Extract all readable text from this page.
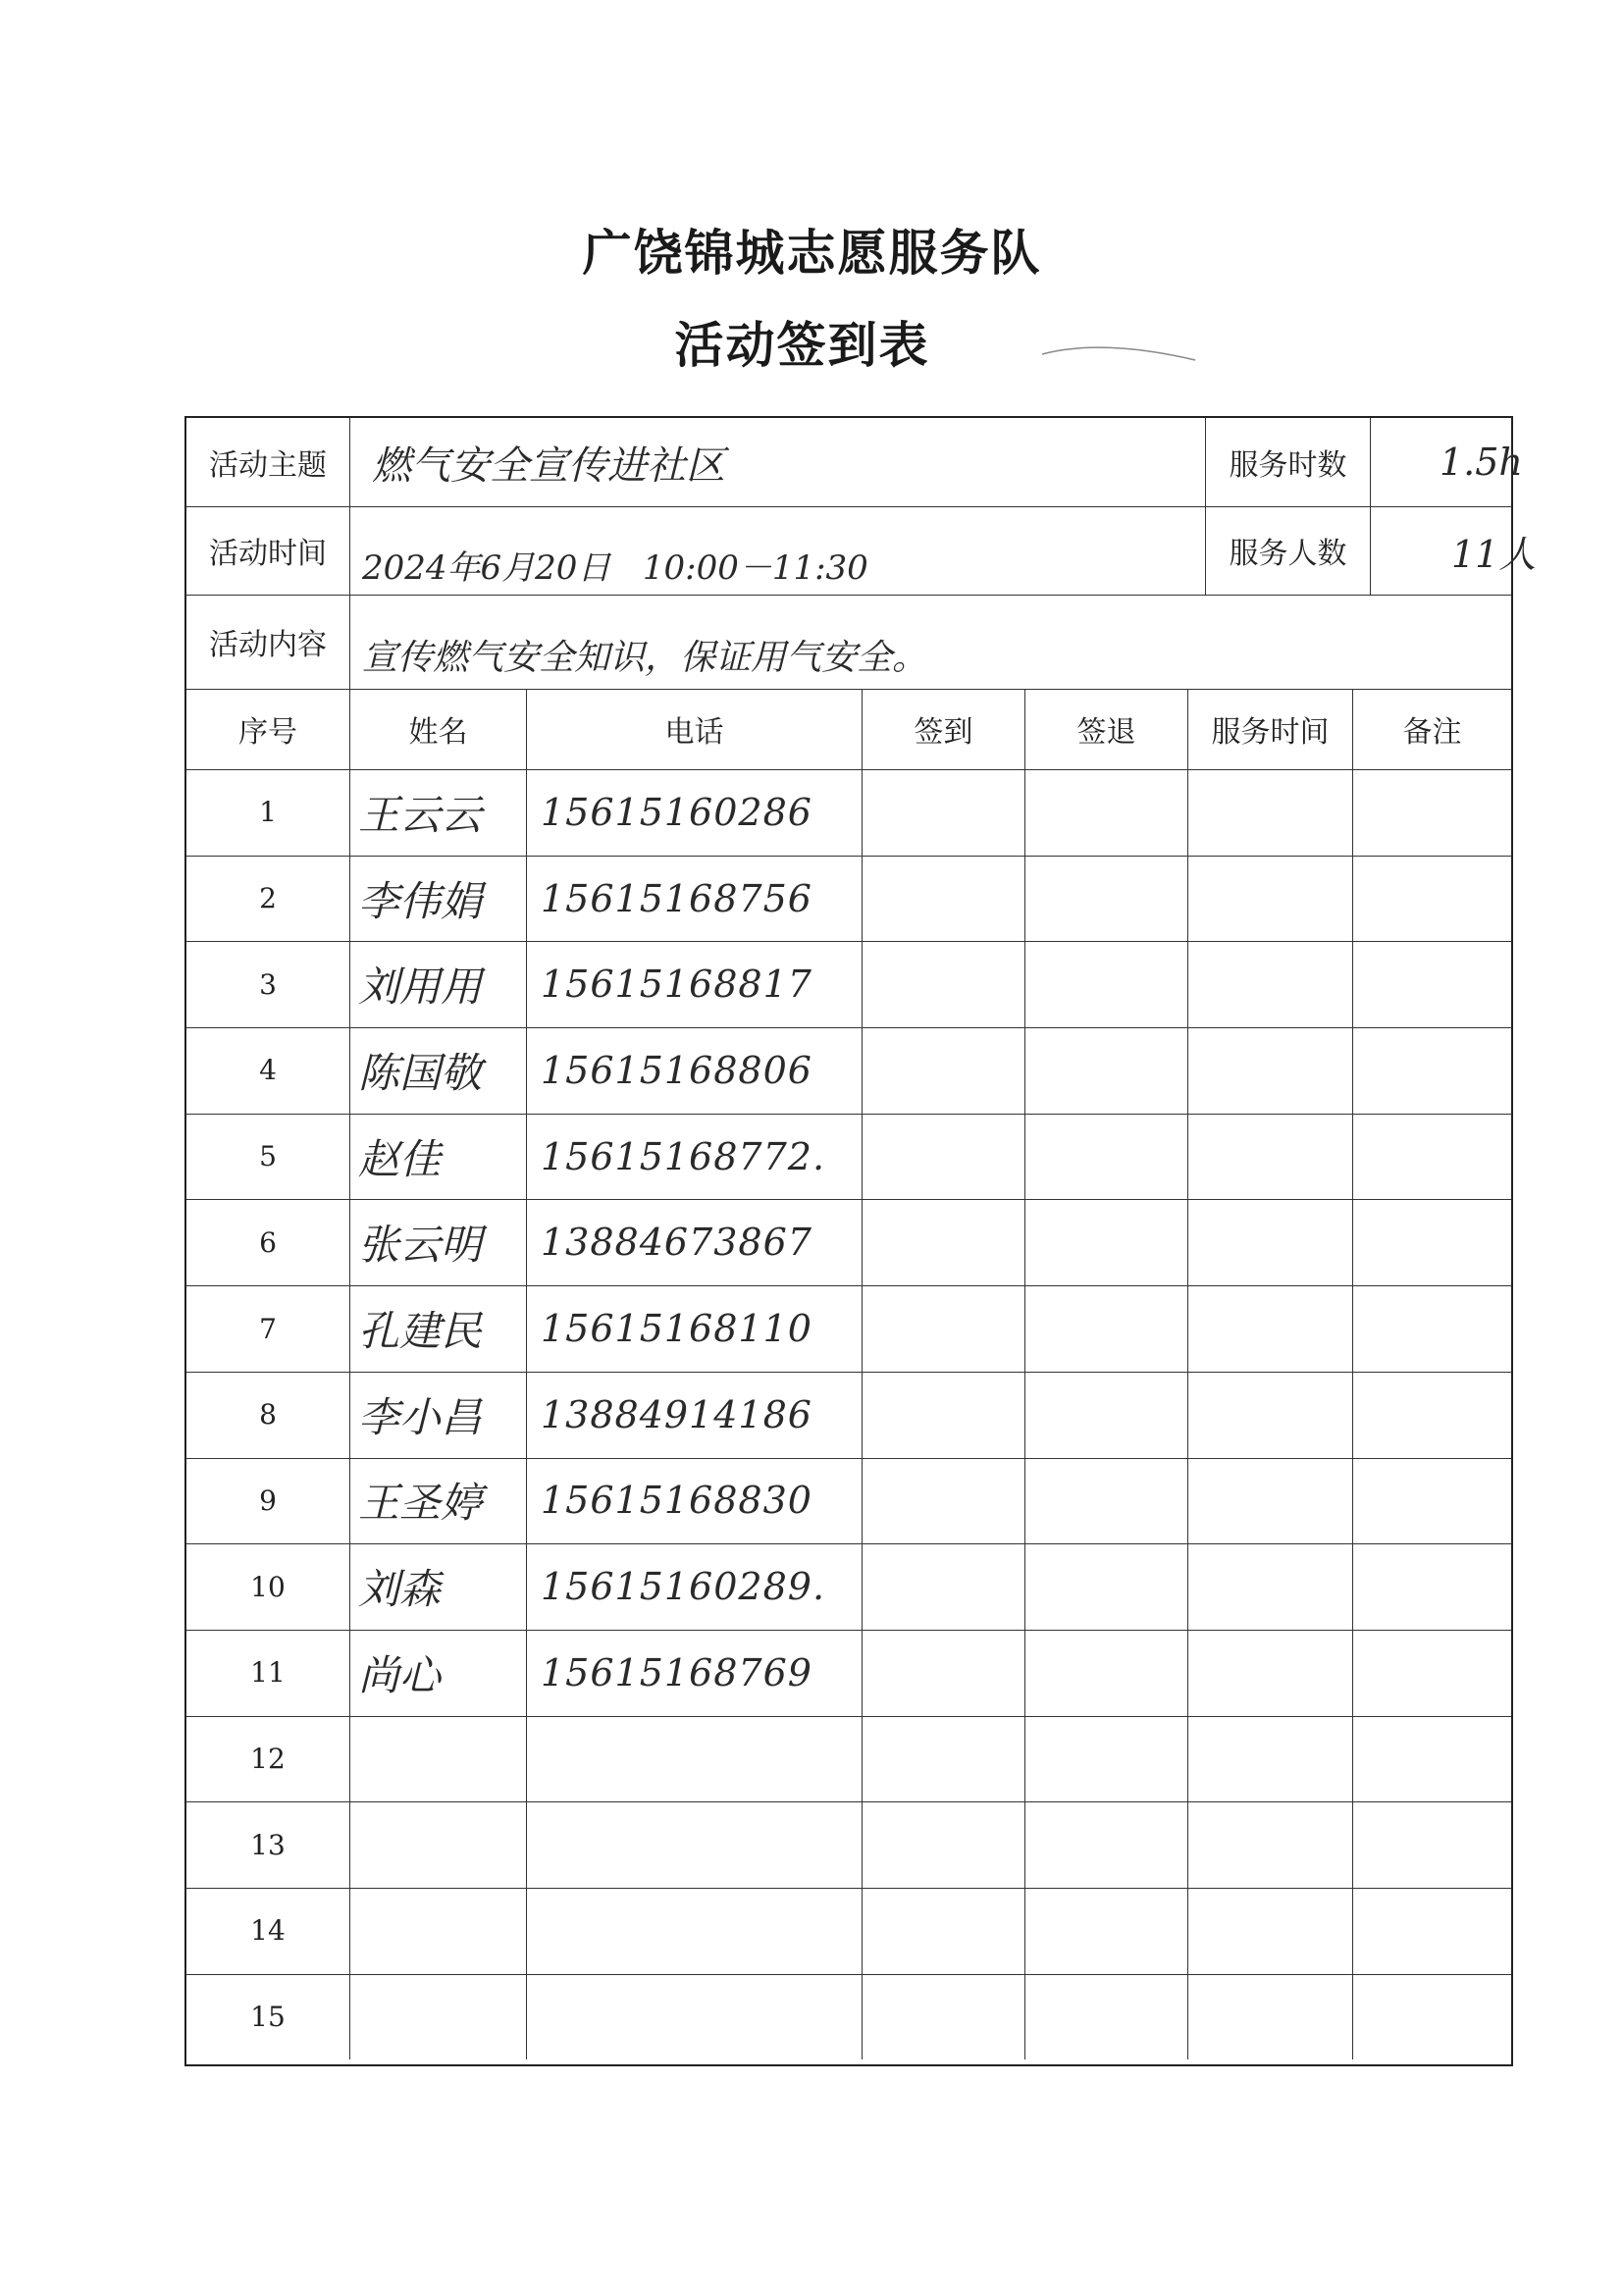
广饶锦城志愿服务队
活动签到表
活动主题	燃气安全宣传进社区	服务时数	1.5h
活动时间	2024年6月20日   10:00－11:30	服务人数	11人
活动内容	宣传燃气安全知识，保证用气安全。
序号	姓名	电话	签到	签退	服务时间	备注
1	王云云	15615160286
2	李伟娟	15615168756
3	刘用用	15615168817
4	陈国敬	15615168806
5	赵佳	15615168772.
6	张云明	13884673867
7	孔建民	15615168110
8	李小昌	13884914186
9	王圣婷	15615168830
10	刘森	15615160289.
11	尚心	15615168769
12
13
14
15
